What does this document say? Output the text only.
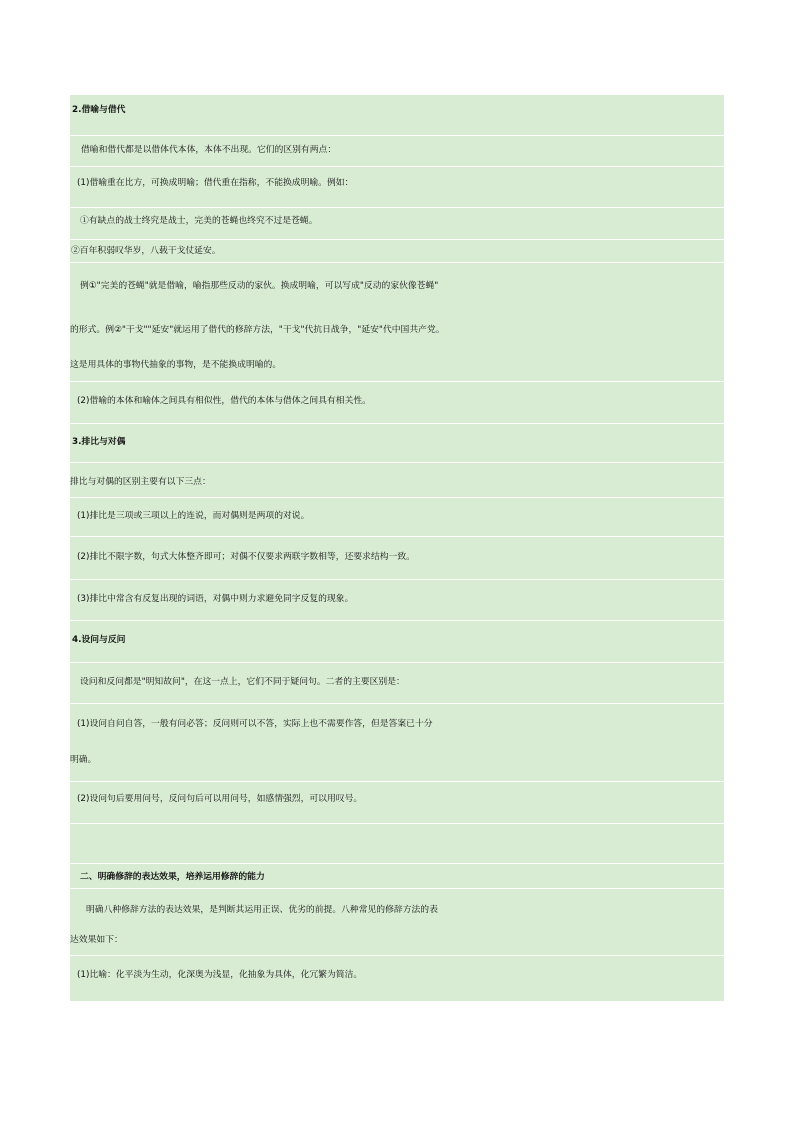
2.借喻与借代
借喻和借代都是以借体代本体，本体不出现。它们的区别有两点：
(1)借喻重在比方，可换成明喻；借代重在指称，不能换成明喻。例如：
①有缺点的战士终究是战士，完美的苍蝇也终究不过是苍蝇。
②百年积弱叹华岁，八载干戈仗延安。
例①"完美的苍蝇"就是借喻，喻指那些反动的家伙。换成明喻，可以写成"反动的家伙像苍蝇"
的形式。例②"干戈""延安"就运用了借代的修辞方法，"干戈"代抗日战争，"延安"代中国共产党。
这是用具体的事物代抽象的事物，是不能换成明喻的。
(2)借喻的本体和喻体之间具有相似性，借代的本体与借体之间具有相关性。
3.排比与对偶
排比与对偶的区别主要有以下三点：
(1)排比是三项或三项以上的连说，而对偶则是两项的对说。
(2)排比不限字数，句式大体整齐即可；对偶不仅要求两联字数相等，还要求结构一致。
(3)排比中常含有反复出现的词语，对偶中则力求避免同字反复的现象。
4.设问与反问
设问和反问都是"明知故问"，在这一点上，它们不同于疑问句。二者的主要区别是：
(1)设问自问自答，一般有问必答；反问则可以不答，实际上也不需要作答，但是答案已十分
明确。
(2)设问句后要用问号，反问句后可以用问号，如感情强烈，可以用叹号。
二、明确修辞的表达效果，培养运用修辞的能力
明确八种修辞方法的表达效果，是判断其运用正误、优劣的前提。八种常见的修辞方法的表
达效果如下：
(1)比喻：化平淡为生动，化深奥为浅显，化抽象为具体，化冗繁为简洁。
